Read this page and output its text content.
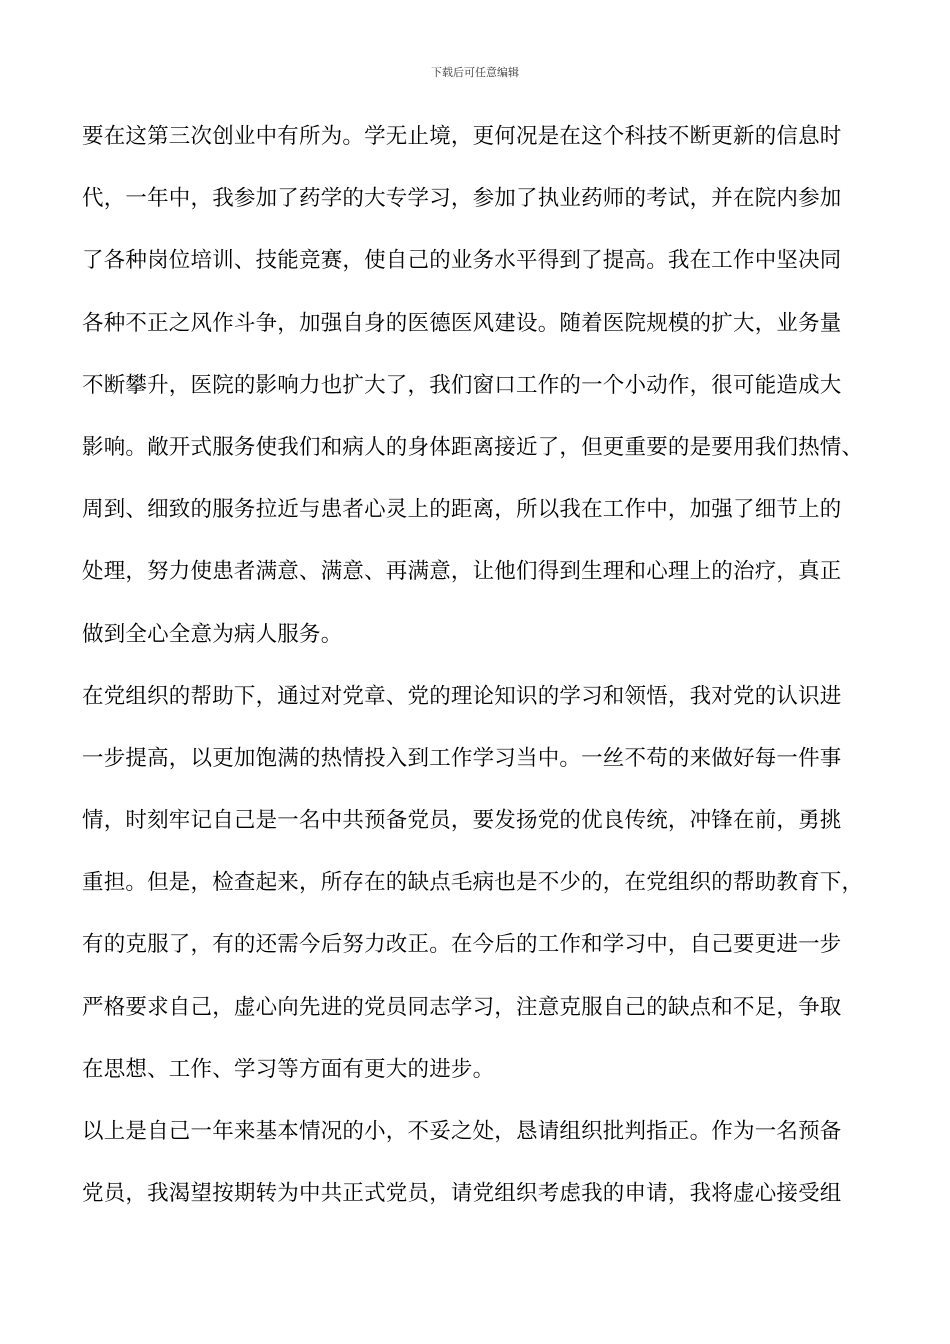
下载后可任意编辑
要在这第三次创业中有所为。学无止境，更何况是在这个科技不断更新的信息时
代，一年中，我参加了药学的大专学习，参加了执业药师的考试，并在院内参加
了各种岗位培训、技能竞赛，使自己的业务水平得到了提高。我在工作中坚决同
各种不正之风作斗争，加强自身的医德医风建设。随着医院规模的扩大，业务量
不断攀升，医院的影响力也扩大了，我们窗口工作的一个小动作，很可能造成大
影响。敞开式服务使我们和病人的身体距离接近了，但更重要的是要用我们热情、
周到、细致的服务拉近与患者心灵上的距离，所以我在工作中，加强了细节上的
处理，努力使患者满意、满意、再满意，让他们得到生理和心理上的治疗，真正
做到全心全意为病人服务。
在党组织的帮助下，通过对党章、党的理论知识的学习和领悟，我对党的认识进
一步提高，以更加饱满的热情投入到工作学习当中。一丝不苟的来做好每一件事
情，时刻牢记自己是一名中共预备党员，要发扬党的优良传统，冲锋在前，勇挑
重担。但是，检查起来，所存在的缺点毛病也是不少的，在党组织的帮助教育下，
有的克服了，有的还需今后努力改正。在今后的工作和学习中，自己要更进一步
严格要求自己，虚心向先进的党员同志学习，注意克服自己的缺点和不足，争取
在思想、工作、学习等方面有更大的进步。
以上是自己一年来基本情况的小，不妥之处，恳请组织批判指正。作为一名预备
党员，我渴望按期转为中共正式党员，请党组织考虑我的申请，我将虚心接受组
